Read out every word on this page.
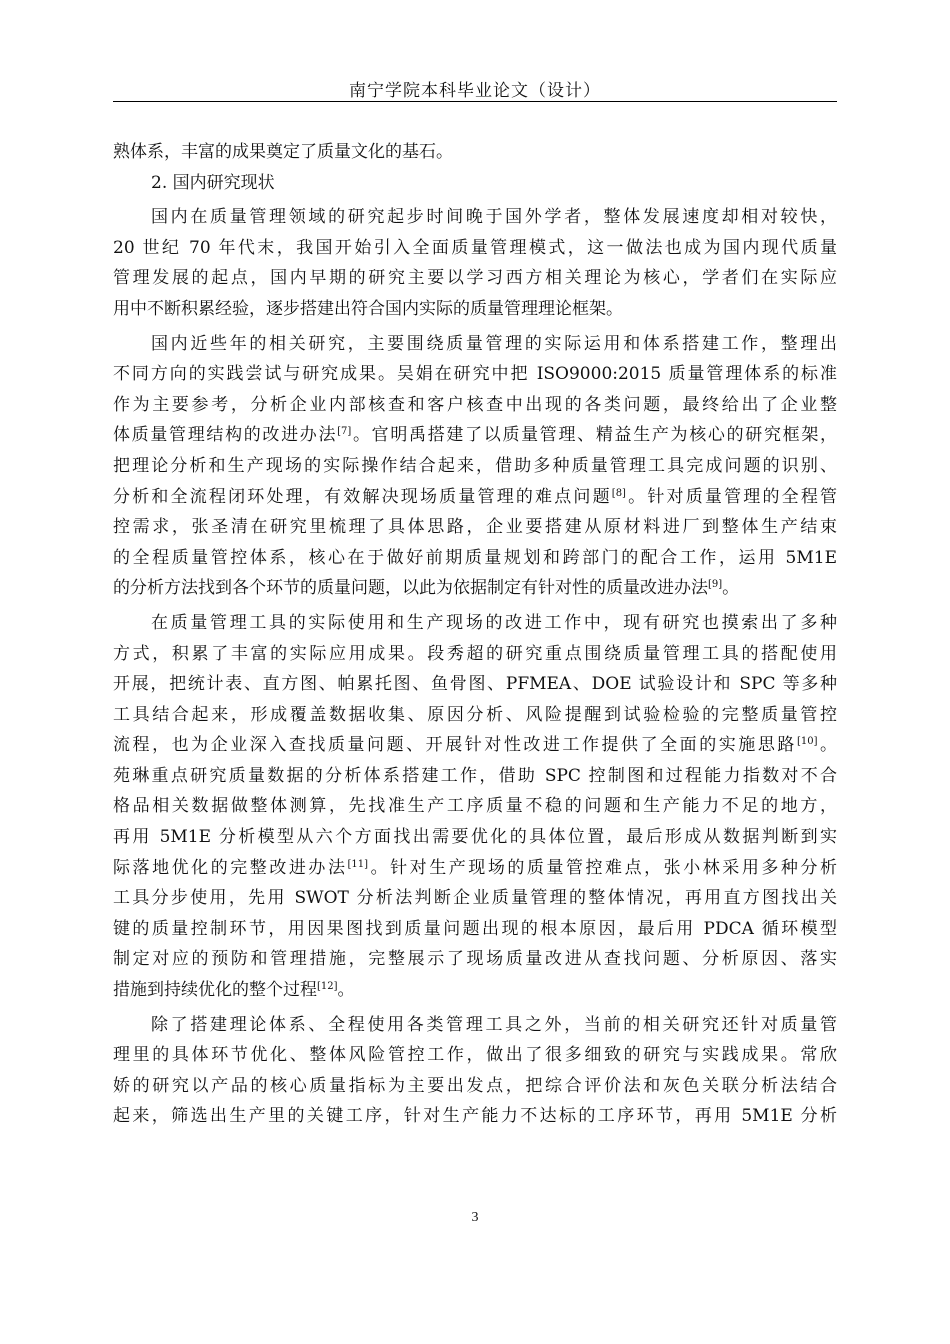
南宁学院本科毕业论文（设计）
熟体系，丰富的成果奠定了质量文化的基石。
2. 国内研究现状
国内在质量管理领域的研究起步时间晚于国外学者，整体发展速度却相对较快，
20 世纪 70 年代末，我国开始引入全面质量管理模式，这一做法也成为国内现代质量
管理发展的起点，国内早期的研究主要以学习西方相关理论为核心，学者们在实际应
用中不断积累经验，逐步搭建出符合国内实际的质量管理理论框架。
国内近些年的相关研究，主要围绕质量管理的实际运用和体系搭建工作，整理出
不同方向的实践尝试与研究成果。吴娟在研究中把 ISO9000:2015 质量管理体系的标准
作为主要参考，分析企业内部核查和客户核查中出现的各类问题，最终给出了企业整
体质量管理结构的改进办法[7]。官明禹搭建了以质量管理、精益生产为核心的研究框架，
把理论分析和生产现场的实际操作结合起来，借助多种质量管理工具完成问题的识别、
分析和全流程闭环处理，有效解决现场质量管理的难点问题[8]。针对质量管理的全程管
控需求，张圣清在研究里梳理了具体思路，企业要搭建从原材料进厂到整体生产结束
的全程质量管控体系，核心在于做好前期质量规划和跨部门的配合工作，运用 5M1E
的分析方法找到各个环节的质量问题，以此为依据制定有针对性的质量改进办法[9]。
在质量管理工具的实际使用和生产现场的改进工作中，现有研究也摸索出了多种
方式，积累了丰富的实际应用成果。段秀超的研究重点围绕质量管理工具的搭配使用
开展，把统计表、直方图、帕累托图、鱼骨图、PFMEA、DOE 试验设计和 SPC 等多种
工具结合起来，形成覆盖数据收集、原因分析、风险提醒到试验检验的完整质量管控
流程，也为企业深入查找质量问题、开展针对性改进工作提供了全面的实施思路[10]。
苑琳重点研究质量数据的分析体系搭建工作，借助 SPC 控制图和过程能力指数对不合
格品相关数据做整体测算，先找准生产工序质量不稳的问题和生产能力不足的地方，
再用 5M1E 分析模型从六个方面找出需要优化的具体位置，最后形成从数据判断到实
际落地优化的完整改进办法[11]。针对生产现场的质量管控难点，张小林采用多种分析
工具分步使用，先用 SWOT 分析法判断企业质量管理的整体情况，再用直方图找出关
键的质量控制环节，用因果图找到质量问题出现的根本原因，最后用 PDCA 循环模型
制定对应的预防和管理措施，完整展示了现场质量改进从查找问题、分析原因、落实
措施到持续优化的整个过程[12]。
除了搭建理论体系、全程使用各类管理工具之外，当前的相关研究还针对质量管
理里的具体环节优化、整体风险管控工作，做出了很多细致的研究与实践成果。常欣
娇的研究以产品的核心质量指标为主要出发点，把综合评价法和灰色关联分析法结合
起来，筛选出生产里的关键工序，针对生产能力不达标的工序环节，再用 5M1E 分析
3
